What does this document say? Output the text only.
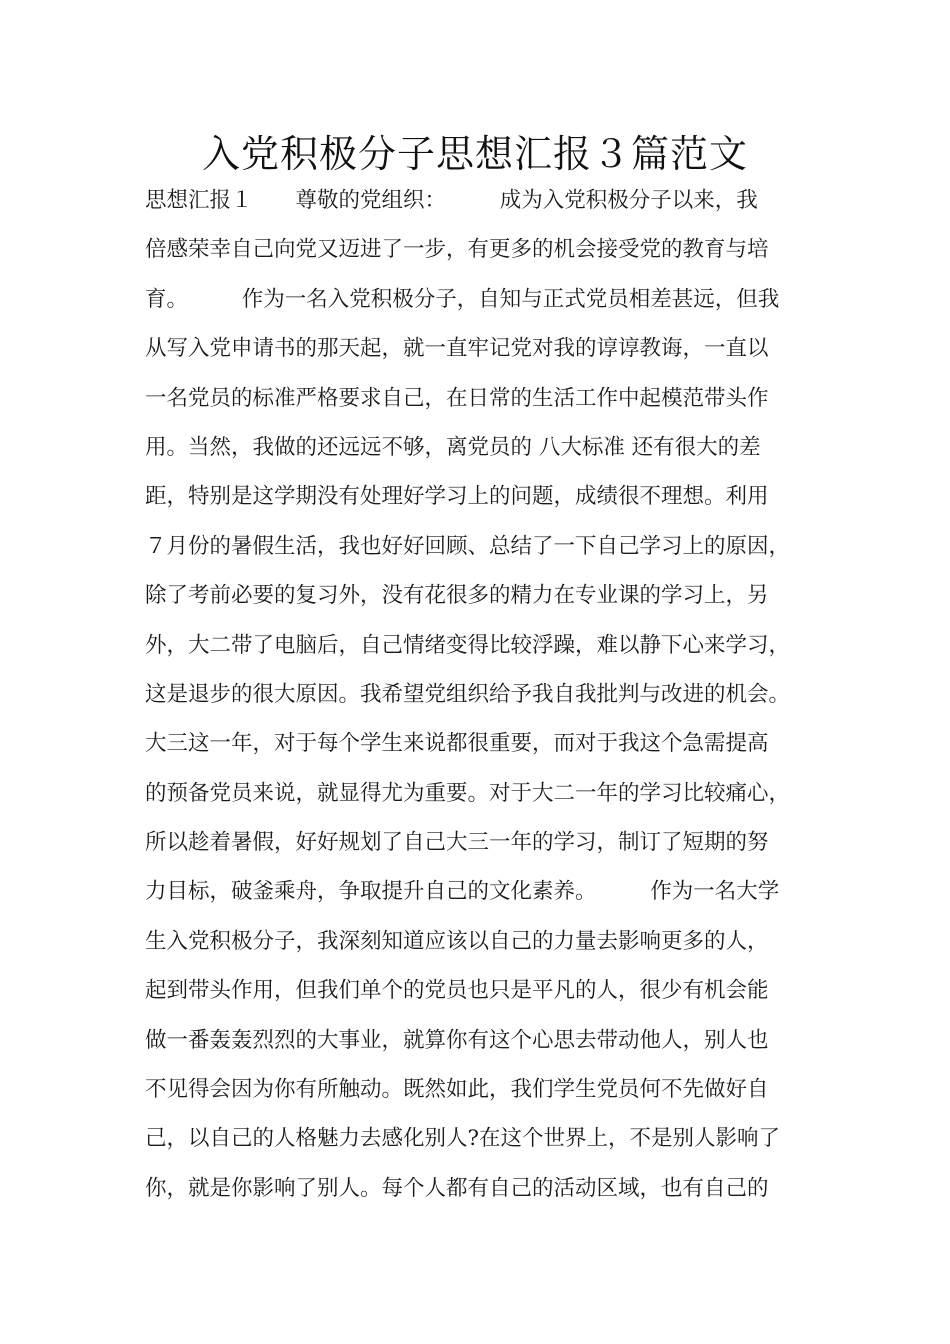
入党积极分子思想汇报３篇范文
思想汇报１　　尊敬的党组织：　　　成为入党积极分子以来，我
倍感荣幸自己向党又迈进了一步，有更多的机会接受党的教育与培
育。　　　作为一名入党积极分子，自知与正式党员相差甚远，但我
从写入党申请书的那天起，就一直牢记党对我的谆谆教诲，一直以
一名党员的标准严格要求自己，在日常的生活工作中起模范带头作
用。当然，我做的还远远不够，离党员的 八大标准 还有很大的差
距，特别是这学期没有处理好学习上的问题，成绩很不理想。利用
７月份的暑假生活，我也好好回顾、总结了一下自己学习上的原因，
除了考前必要的复习外，没有花很多的精力在专业课的学习上，另
外，大二带了电脑后，自己情绪变得比较浮躁，难以静下心来学习，
这是退步的很大原因。我希望党组织给予我自我批判与改进的机会。
大三这一年，对于每个学生来说都很重要，而对于我这个急需提高
的预备党员来说，就显得尤为重要。对于大二一年的学习比较痛心，
所以趁着暑假，好好规划了自己大三一年的学习，制订了短期的努
力目标，破釜乘舟，争取提升自己的文化素养。　　　作为一名大学
生入党积极分子，我深刻知道应该以自己的力量去影响更多的人，
起到带头作用，但我们单个的党员也只是平凡的人，很少有机会能
做一番轰轰烈烈的大事业，就算你有这个心思去带动他人，别人也
不见得会因为你有所触动。既然如此，我们学生党员何不先做好自
己，以自己的人格魅力去感化别人?在这个世界上，不是别人影响了
你，就是你影响了别人。每个人都有自己的活动区域，也有自己的
